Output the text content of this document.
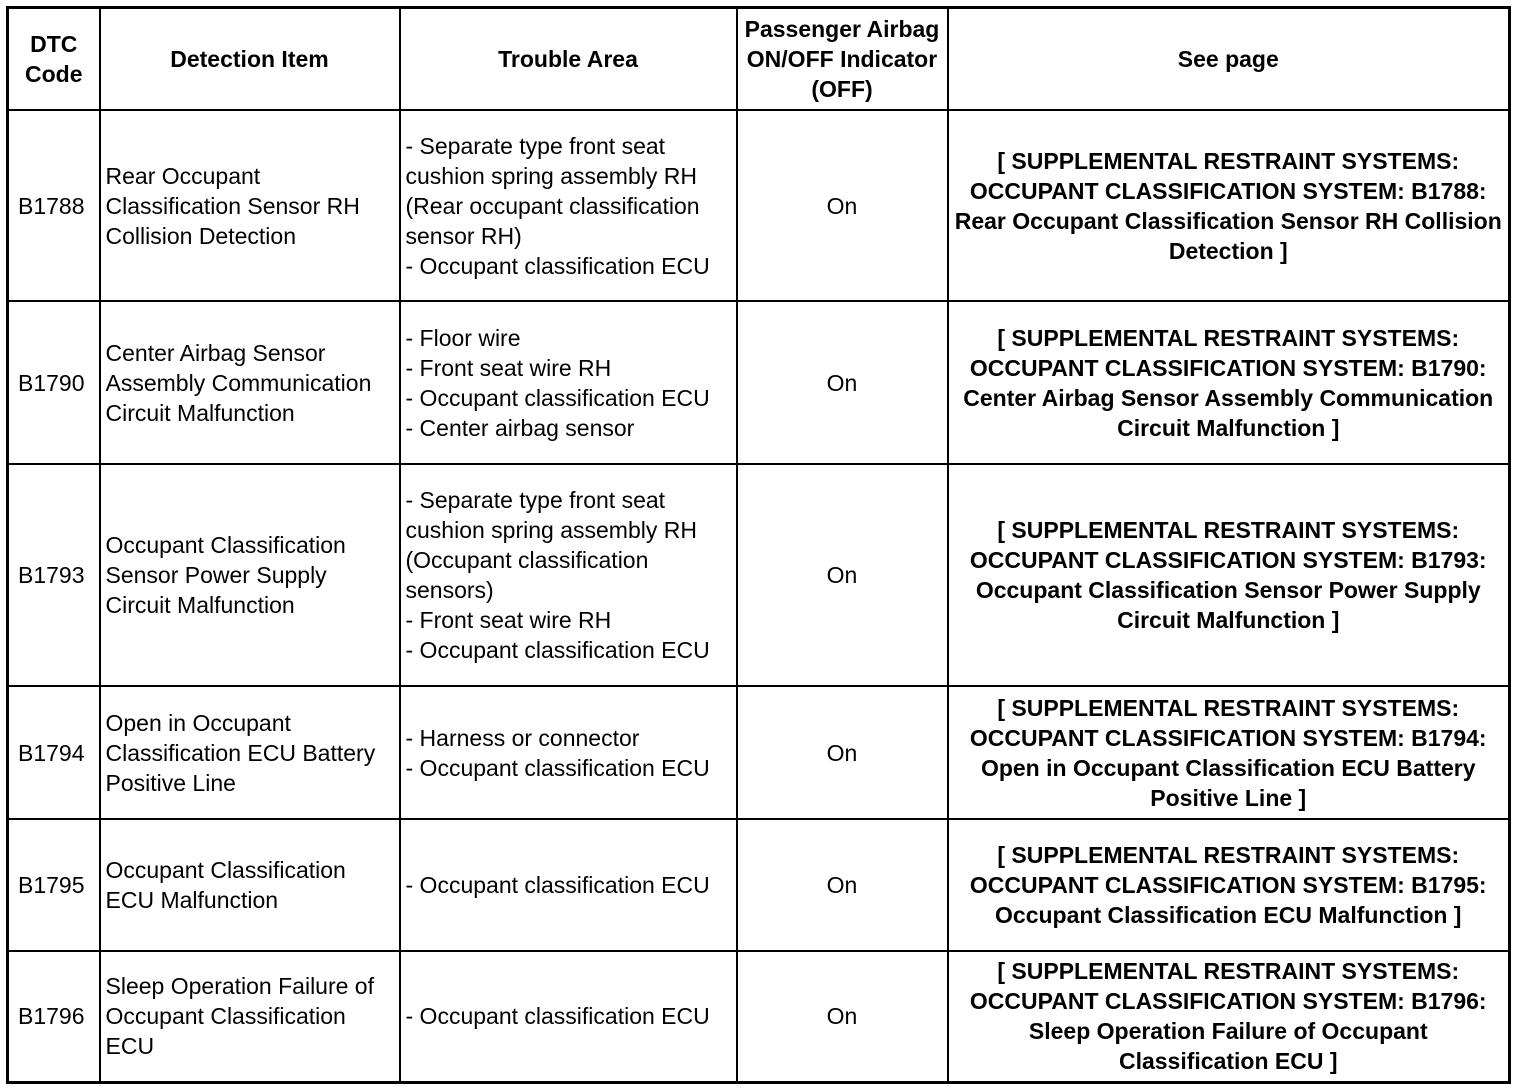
DTC Code	Detection Item	Trouble Area	Passenger Airbag ON/OFF Indicator (OFF)	See page
B1788	Rear Occupant Classification Sensor RH Collision Detection	- Separate type front seat cushion spring assembly RH (Rear occupant classification sensor RH)
- Occupant classification ECU	On	[ SUPPLEMENTAL RESTRAINT SYSTEMS: OCCUPANT CLASSIFICATION SYSTEM: B1788: Rear Occupant Classification Sensor RH Collision Detection ]
B1790	Center Airbag Sensor Assembly Communication Circuit Malfunction	- Floor wire
- Front seat wire RH
- Occupant classification ECU
- Center airbag sensor	On	[ SUPPLEMENTAL RESTRAINT SYSTEMS: OCCUPANT CLASSIFICATION SYSTEM: B1790: Center Airbag Sensor Assembly Communication Circuit Malfunction ]
B1793	Occupant Classification Sensor Power Supply Circuit Malfunction	- Separate type front seat cushion spring assembly RH (Occupant classification sensors)
- Front seat wire RH
- Occupant classification ECU	On	[ SUPPLEMENTAL RESTRAINT SYSTEMS: OCCUPANT CLASSIFICATION SYSTEM: B1793: Occupant Classification Sensor Power Supply Circuit Malfunction ]
B1794	Open in Occupant Classification ECU Battery Positive Line	- Harness or connector
- Occupant classification ECU	On	[ SUPPLEMENTAL RESTRAINT SYSTEMS: OCCUPANT CLASSIFICATION SYSTEM: B1794: Open in Occupant Classification ECU Battery Positive Line ]
B1795	Occupant Classification ECU Malfunction	- Occupant classification ECU	On	[ SUPPLEMENTAL RESTRAINT SYSTEMS: OCCUPANT CLASSIFICATION SYSTEM: B1795: Occupant Classification ECU Malfunction ]
B1796	Sleep Operation Failure of Occupant Classification ECU	- Occupant classification ECU	On	[ SUPPLEMENTAL RESTRAINT SYSTEMS: OCCUPANT CLASSIFICATION SYSTEM: B1796: Sleep Operation Failure of Occupant Classification ECU ]
